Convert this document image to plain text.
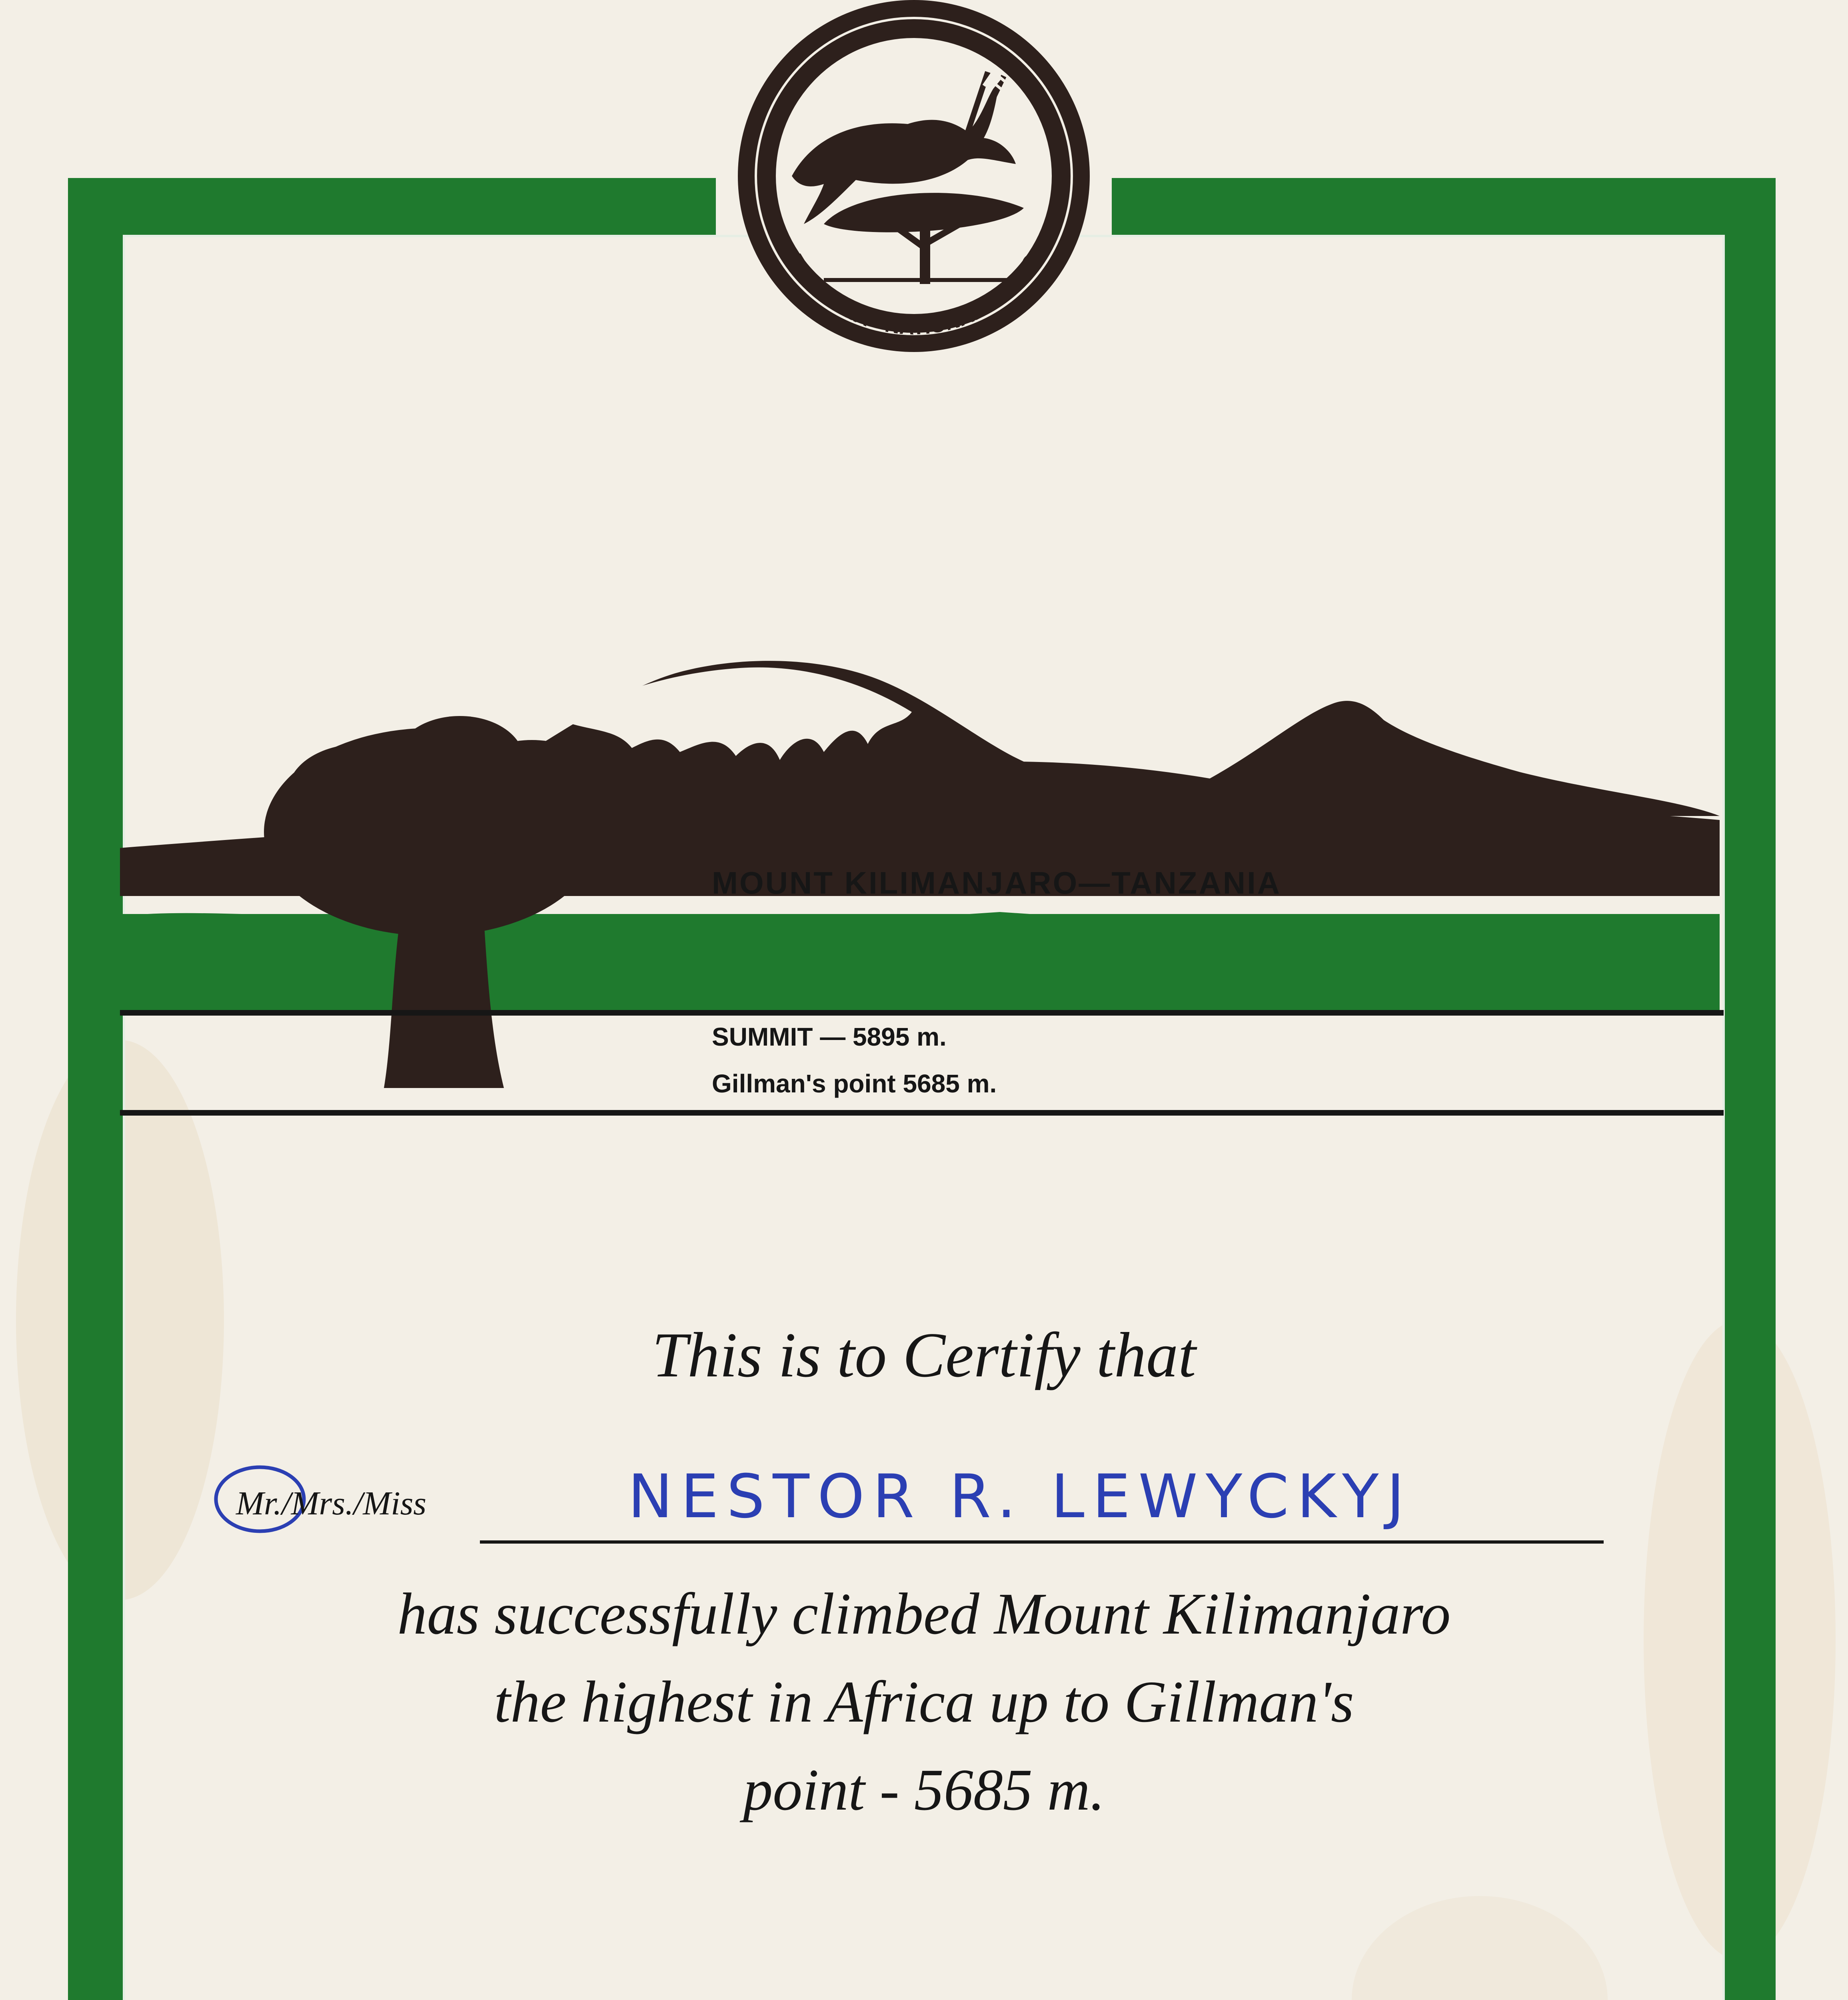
HIFADHI ZA TAIFA
TANZANIA • NATIONAL PARKS
MOUNT KILIMANJARO—TANZANIA
SUMMIT — 5895 m.
Gillman's point 5685 m.
This is to Certify that
Mr./Mrs./Miss	NESTOR R. LEWYCKYJ
has successfully climbed Mount Kilimanjaro
the highest in Africa up to Gillman's
point - 5685 m.
